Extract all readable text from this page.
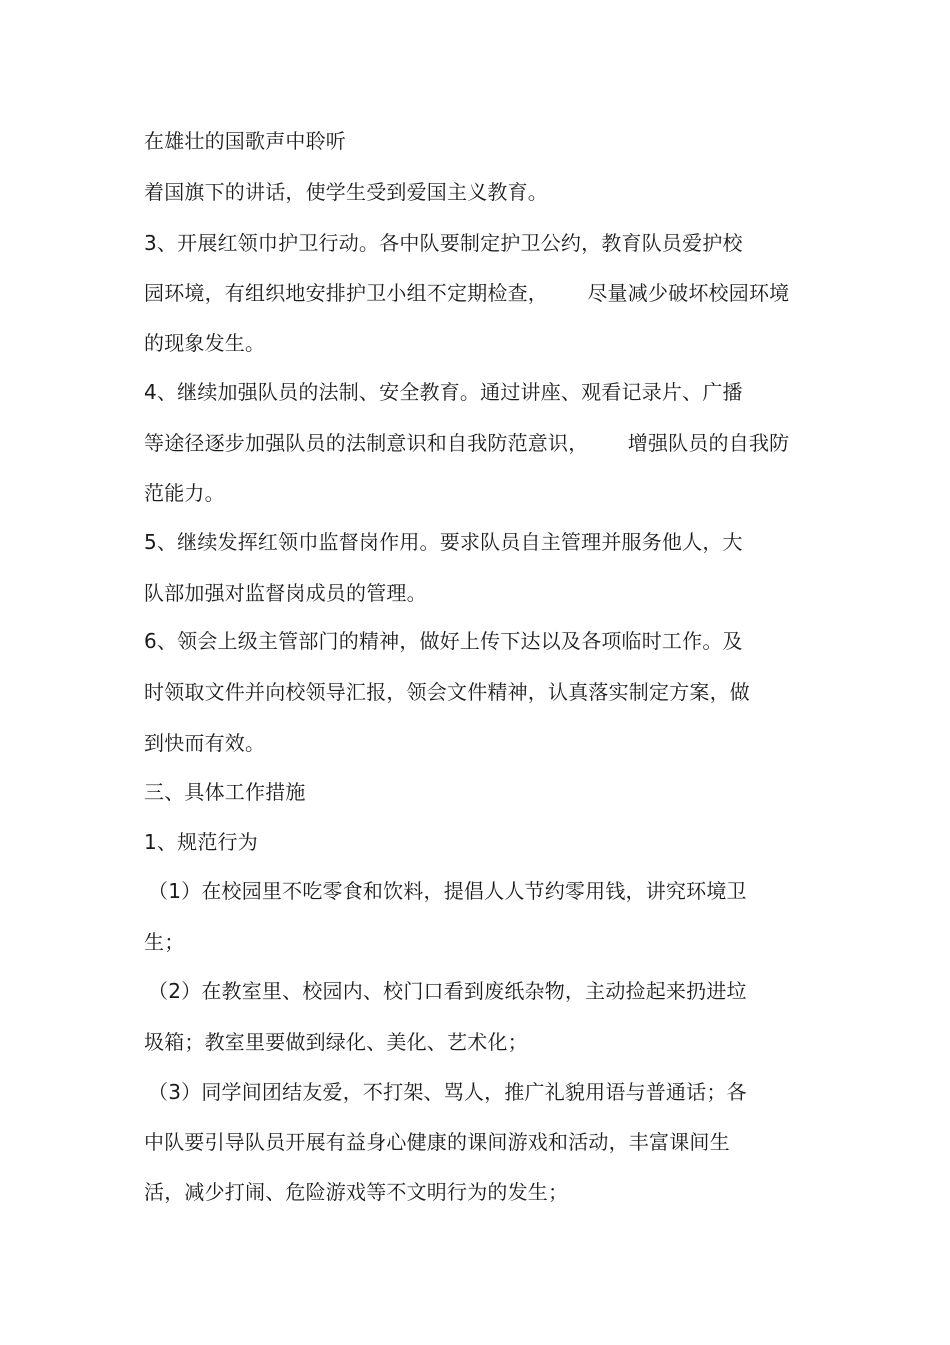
在雄壮的国歌声中聆听
着国旗下的讲话，使学生受到爱国主义教育。
3、开展红领巾护卫行动。各中队要制定护卫公约，教育队员爱护校
园环境，有组织地安排护卫小组不定期检查，      尽量减少破坏校园环境
的现象发生。
4、继续加强队员的法制、安全教育。通过讲座、观看记录片、广播
等途径逐步加强队员的法制意识和自我防范意识，      增强队员的自我防
范能力。
5、继续发挥红领巾监督岗作用。要求队员自主管理并服务他人，大
队部加强对监督岗成员的管理。
6、领会上级主管部门的精神，做好上传下达以及各项临时工作。及
时领取文件并向校领导汇报，领会文件精神，认真落实制定方案，做
到快而有效。
三、具体工作措施
1、规范行为
（1）在校园里不吃零食和饮料，提倡人人节约零用钱，讲究环境卫
生；
（2）在教室里、校园内、校门口看到废纸杂物，主动捡起来扔进垃
圾箱；教室里要做到绿化、美化、艺术化；
（3）同学间团结友爱，不打架、骂人，推广礼貌用语与普通话；各
中队要引导队员开展有益身心健康的课间游戏和活动，丰富课间生
活，减少打闹、危险游戏等不文明行为的发生；
